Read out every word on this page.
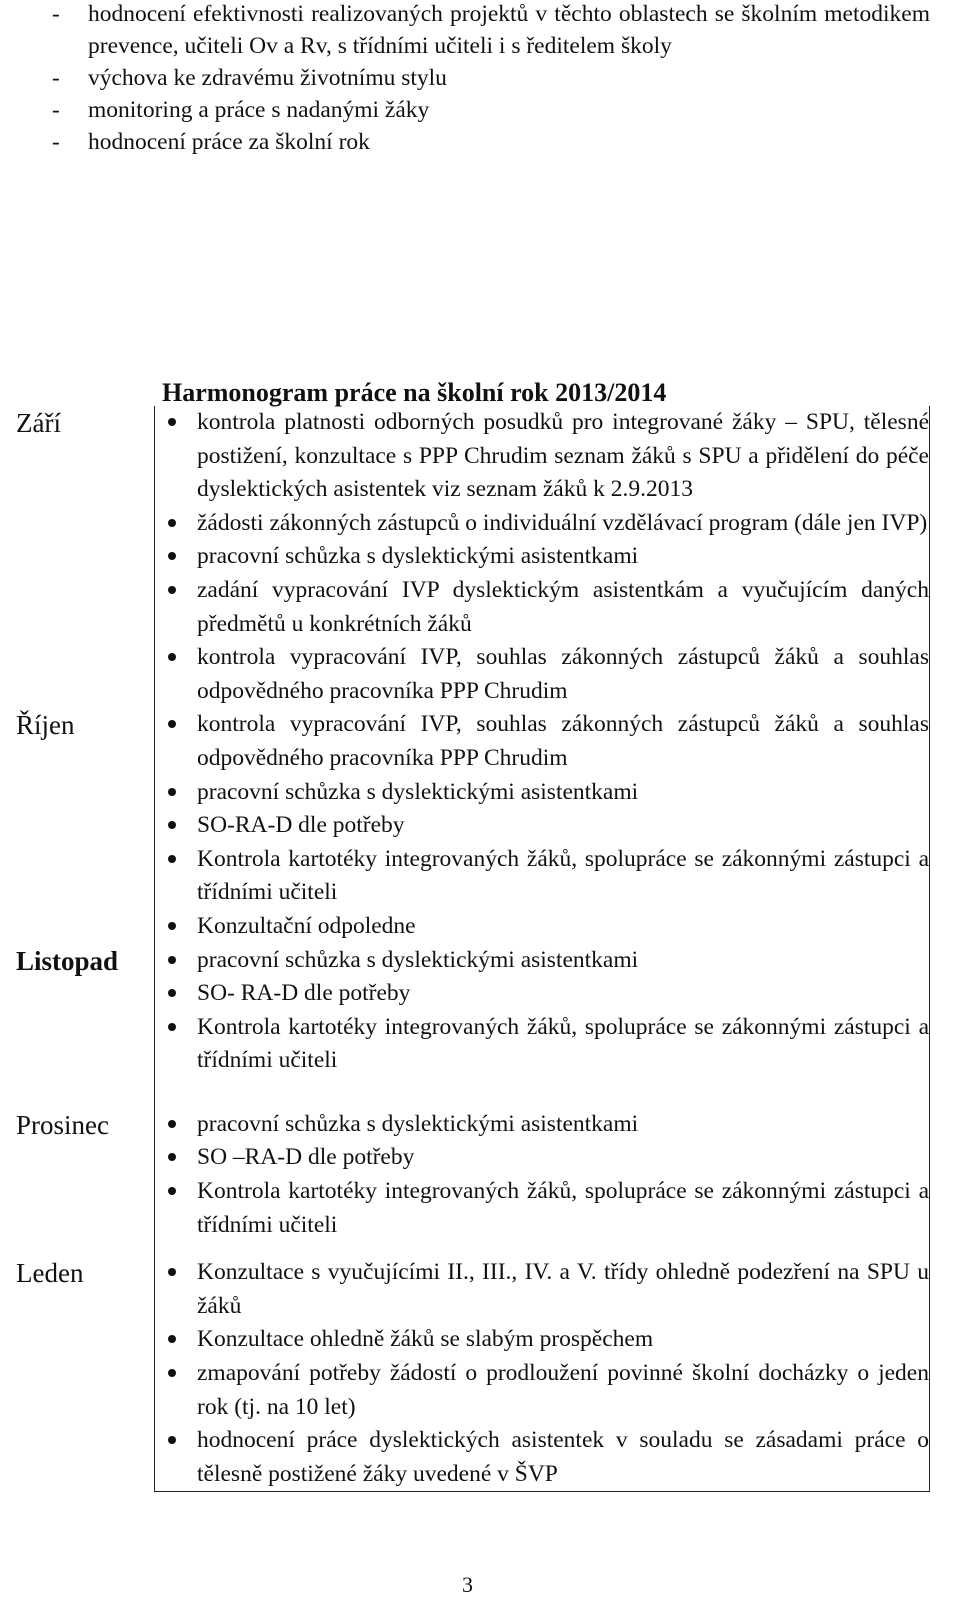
-	hodnocení efektivnosti realizovaných projektů v těchto oblastech se školním metodikem prevence, učiteli Ov a Rv, s třídními učiteli i s ředitelem školy
-	výchova ke zdravému životnímu stylu
-	monitoring a práce s nadanými žáky
-	hodnocení práce za školní rok
Harmonogram práce na školní rok 2013/2014
Září	kontrola platnosti odborných posudků pro integrované žáky – SPU, tělesné postižení, konzultace s PPP Chrudim seznam žáků s SPU a přidělení do péče dyslektických asistentek viz seznam žáků k 2.9.2013
žádosti zákonných zástupců o individuální vzdělávací program (dále jen IVP)
pracovní schůzka s dyslektickými asistentkami
zadání vypracování IVP dyslektickým asistentkám a vyučujícím daných předmětů u konkrétních žáků
kontrola vypracování IVP, souhlas zákonných zástupců žáků a souhlas odpovědného pracovníka PPP Chrudim
Říjen	kontrola vypracování IVP, souhlas zákonných zástupců žáků a souhlas odpovědného pracovníka PPP Chrudim
pracovní schůzka s dyslektickými asistentkami
SO-RA-D dle potřeby
Kontrola kartotéky integrovaných žáků, spolupráce se zákonnými zástupci a třídními učiteli
Konzultační odpoledne
Listopad	pracovní schůzka s dyslektickými asistentkami
SO- RA-D dle potřeby
Kontrola kartotéky integrovaných žáků, spolupráce se zákonnými zástupci a třídními učiteli
Prosinec	pracovní schůzka s dyslektickými asistentkami
SO –RA-D dle potřeby
Kontrola kartotéky integrovaných žáků, spolupráce se zákonnými zástupci a třídními učiteli
Leden	Konzultace s vyučujícími II., III., IV. a V. třídy ohledně podezření na SPU u žáků
Konzultace ohledně žáků se slabým prospěchem
zmapování potřeby žádostí o prodloužení povinné školní docházky o jeden rok (tj. na 10 let)
hodnocení práce dyslektických asistentek v souladu se zásadami práce o tělesně postižené žáky uvedené v ŠVP
3
